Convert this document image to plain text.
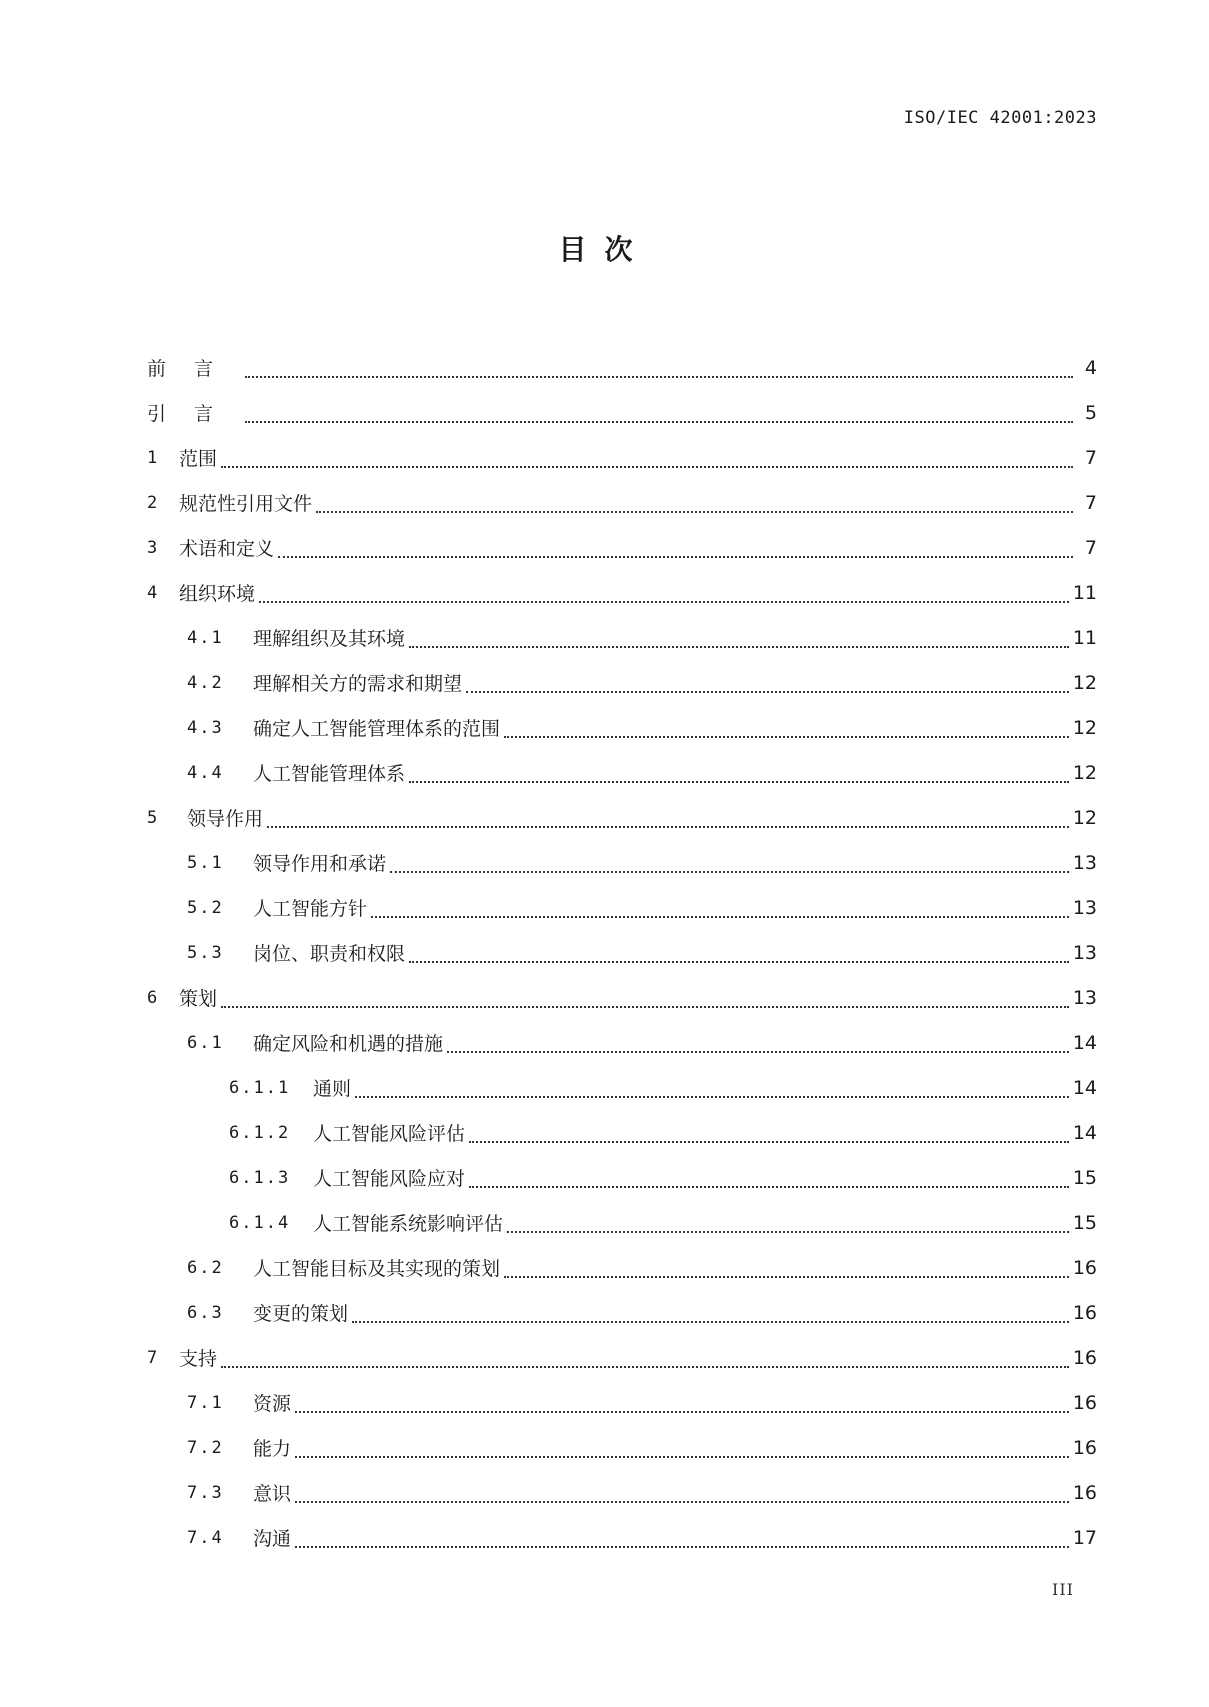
ISO/IEC 42001:2023
目次
前言	4
引言	5
1 范围	7
2 规范性引用文件	7
3 术语和定义	7
4 组织环境	11
4.1	理解组织及其环境	11
4.2	理解相关方的需求和期望	12
4.3	确定人工智能管理体系的范围	12
4.4	人工智能管理体系	12
5	领导作用	12
5.1	领导作用和承诺	13
5.2	人工智能方针	13
5.3	岗位、职责和权限	13
6 策划	13
6.1	确定风险和机遇的措施	14
6.1.1	通则	14
6.1.2	人工智能风险评估	14
6.1.3	人工智能风险应对	15
6.1.4	人工智能系统影响评估	15
6.2	人工智能目标及其实现的策划	16
6.3	变更的策划	16
7 支持	16
7.1	资源	16
7.2	能力	16
7.3	意识	16
7.4	沟通	17
III
